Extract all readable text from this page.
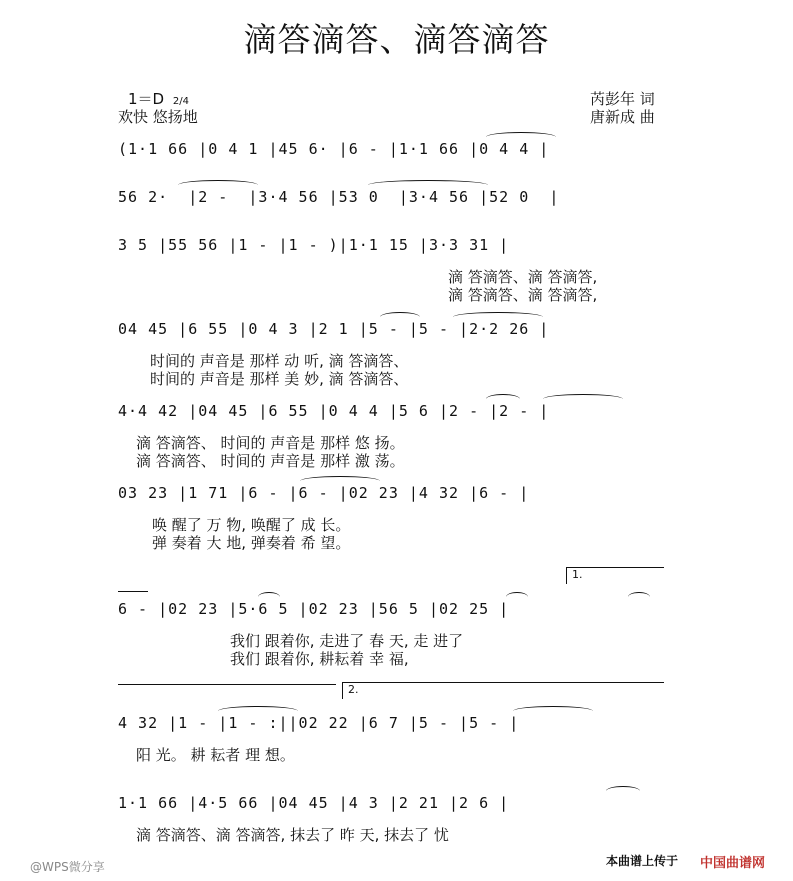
滴答滴答、滴答滴答
1＝D 2/4
欢快 悠扬地
芮彭年 词
唐新成 曲
(1·1 66 |0 4 1 |45 6· |6 - |1·1 66 |0 4 4 |
56 2·  |2 -  |3·4 56 |53 0  |3·4 56 |52 0  |
3 5 |55 56 |1 - |1 - )|1·1 15 |3·3 31 |
滴 答滴答、滴 答滴答,
滴 答滴答、滴 答滴答,
04 45 |6 55 |0 4 3 |2 1 |5 - |5 - |2·2 26 |
时间的 声音是 那样 动 听, 滴 答滴答、
时间的 声音是 那样 美 妙, 滴 答滴答、
4·4 42 |04 45 |6 55 |0 4 4 |5 6 |2 - |2 - |
滴 答滴答、 时间的 声音是 那样 悠 扬。
滴 答滴答、 时间的 声音是 那样 激 荡。
03 23 |1 71 |6 - |6 - |02 23 |4 32 |6 - |
唤 醒了 万 物, 唤醒了 成 长。
弹 奏着 大 地, 弹奏着 希 望。
1.
6 - |02 23 |5·6 5 |02 23 |56 5 |02 25 |
我们 跟着你, 走进了 春 天, 走 进了
我们 跟着你, 耕耘着 幸 福,
2.
4 32 |1 - |1 - :||02 22 |6 7 |5 - |5 - |
阳 光。 耕 耘者 理 想。
1·1 66 |4·5 66 |04 45 |4 3 |2 21 |2 6 |
滴 答滴答、滴 答滴答, 抹去了 昨 天, 抹去了 忧
本曲谱上传于 中国曲谱网
@WPS微分享
